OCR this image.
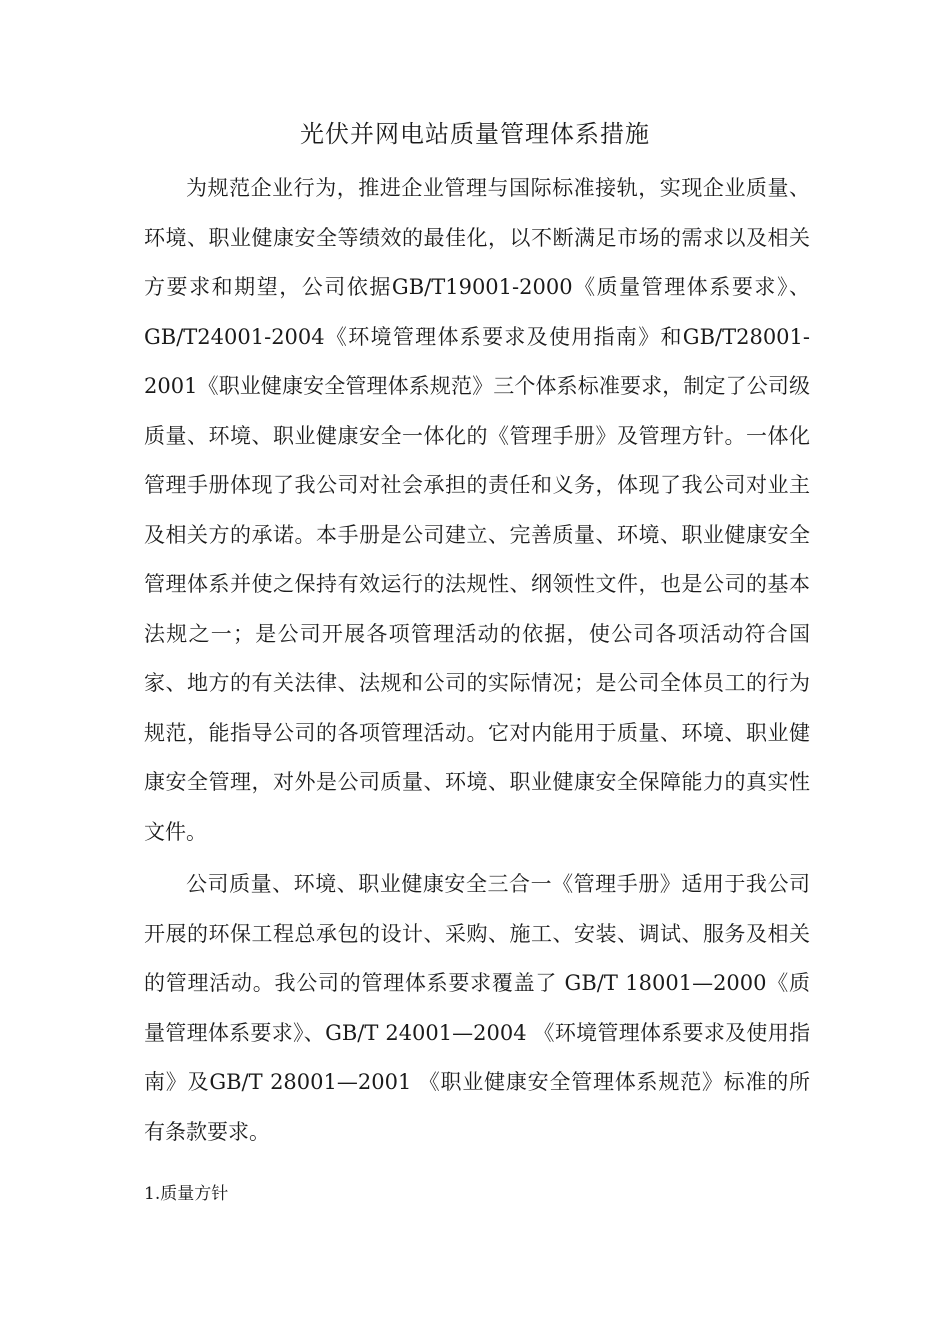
光伏并网电站质量管理体系措施

为规范企业行为，推进企业管理与国际标准接轨，实现企业质量、环境、职业健康安全等绩效的最佳化，以不断满足市场的需求以及相关方要求和期望，公司依据GB/T19001-2000《质量管理体系要求》、GB/T24001-2004《环境管理体系要求及使用指南》和GB/T28001-2001《职业健康安全管理体系规范》三个体系标准要求，制定了公司级质量、环境、职业健康安全一体化的《管理手册》及管理方针。一体化管理手册体现了我公司对社会承担的责任和义务，体现了我公司对业主及相关方的承诺。本手册是公司建立、完善质量、环境、职业健康安全管理体系并使之保持有效运行的法规性、纲领性文件，也是公司的基本法规之一；是公司开展各项管理活动的依据，使公司各项活动符合国家、地方的有关法律、法规和公司的实际情况；是公司全体员工的行为规范，能指导公司的各项管理活动。它对内能用于质量、环境、职业健康安全管理，对外是公司质量、环境、职业健康安全保障能力的真实性文件。

公司质量、环境、职业健康安全三合一《管理手册》适用于我公司开展的环保工程总承包的设计、采购、施工、安装、调试、服务及相关的管理活动。我公司的管理体系要求覆盖了 GB/T 18001—2000《质量管理体系要求》、GB/T 24001—2004 《环境管理体系要求及使用指南》及GB/T 28001—2001 《职业健康安全管理体系规范》标准的所有条款要求。

1.质量方针
